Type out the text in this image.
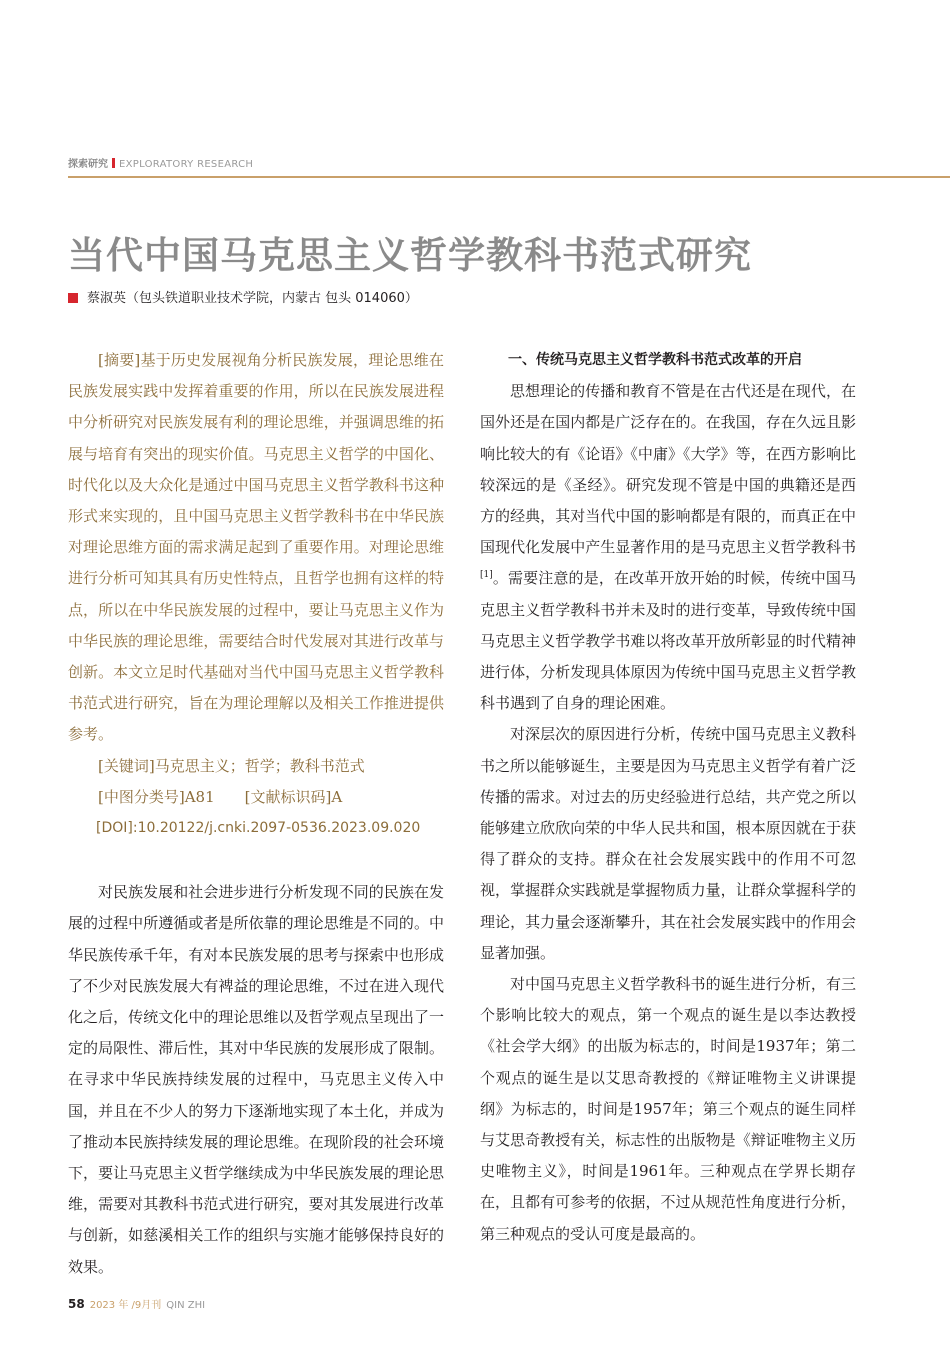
探索研究 EXPLORATORY RESEARCH
当代中国马克思主义哲学教科书范式研究
蔡淑英（包头铁道职业技术学院，内蒙古 包头 014060）

[摘要]基于历史发展视角分析民族发展，理论思维在民族发展实践中发挥着重要的作用，所以在民族发展进程中分析研究对民族发展有利的理论思维，并强调思维的拓展与培育有突出的现实价值。马克思主义哲学的中国化、时代化以及大众化是通过中国马克思主义哲学教科书这种形式来实现的，且中国马克思主义哲学教科书在中华民族对理论思维方面的需求满足起到了重要作用。对理论思维进行分析可知其具有历史性特点，且哲学也拥有这样的特点，所以在中华民族发展的过程中，要让马克思主义作为中华民族的理论思维，需要结合时代发展对其进行改革与创新。本文立足时代基础对当代中国马克思主义哲学教科书范式进行研究，旨在为理论理解以及相关工作推进提供参考。

[关键词]马克思主义；哲学；教科书范式

[中图分类号]A81　　[文献标识码]A

[DOI]:10.20122/j.cnki.2097-0536.2023.09.020

对民族发展和社会进步进行分析发现不同的民族在发展的过程中所遵循或者是所依靠的理论思维是不同的。中华民族传承千年，有对本民族发展的思考与探索中也形成了不少对民族发展大有裨益的理论思维，不过在进入现代化之后，传统文化中的理论思维以及哲学观点呈现出了一定的局限性、滞后性，其对中华民族的发展形成了限制。在寻求中华民族持续发展的过程中，马克思主义传入中国，并且在不少人的努力下逐渐地实现了本土化，并成为了推动本民族持续发展的理论思维。在现阶段的社会环境下，要让马克思主义哲学继续成为中华民族发展的理论思维，需要对其教科书范式进行研究，要对其发展进行改革与创新，如慈溪相关工作的组织与实施才能够保持良好的效果。

一、传统马克思主义哲学教科书范式改革的开启

思想理论的传播和教育不管是在古代还是在现代，在国外还是在国内都是广泛存在的。在我国，存在久远且影响比较大的有《论语》《中庸》《大学》等，在西方影响比较深远的是《圣经》。研究发现不管是中国的典籍还是西方的经典，其对当代中国的影响都是有限的，而真正在中国现代化发展中产生显著作用的是马克思主义哲学教科书[1]。需要注意的是，在改革开放开始的时候，传统中国马克思主义哲学教科书并未及时的进行变革，导致传统中国马克思主义哲学教学书难以将改革开放所彰显的时代精神进行体，分析发现具体原因为传统中国马克思主义哲学教科书遇到了自身的理论困难。

对深层次的原因进行分析，传统中国马克思主义教科书之所以能够诞生，主要是因为马克思主义哲学有着广泛传播的需求。对过去的历史经验进行总结，共产党之所以能够建立欣欣向荣的中华人民共和国，根本原因就在于获得了群众的支持。群众在社会发展实践中的作用不可忽视，掌握群众实践就是掌握物质力量，让群众掌握科学的理论，其力量会逐渐攀升，其在社会发展实践中的作用会显著加强。

对中国马克思主义哲学教科书的诞生进行分析，有三个影响比较大的观点，第一个观点的诞生是以李达教授《社会学大纲》的出版为标志的，时间是1937年；第二个观点的诞生是以艾思奇教授的《辩证唯物主义讲课提纲》为标志的，时间是1957年；第三个观点的诞生同样与艾思奇教授有关，标志性的出版物是《辩证唯物主义历史唯物主义》，时间是1961年。三种观点在学界长期存在，且都有可参考的依据，不过从规范性角度进行分析，第三种观点的受认可度是最高的。

58 2023 年 /9月刊 QIN ZHI
